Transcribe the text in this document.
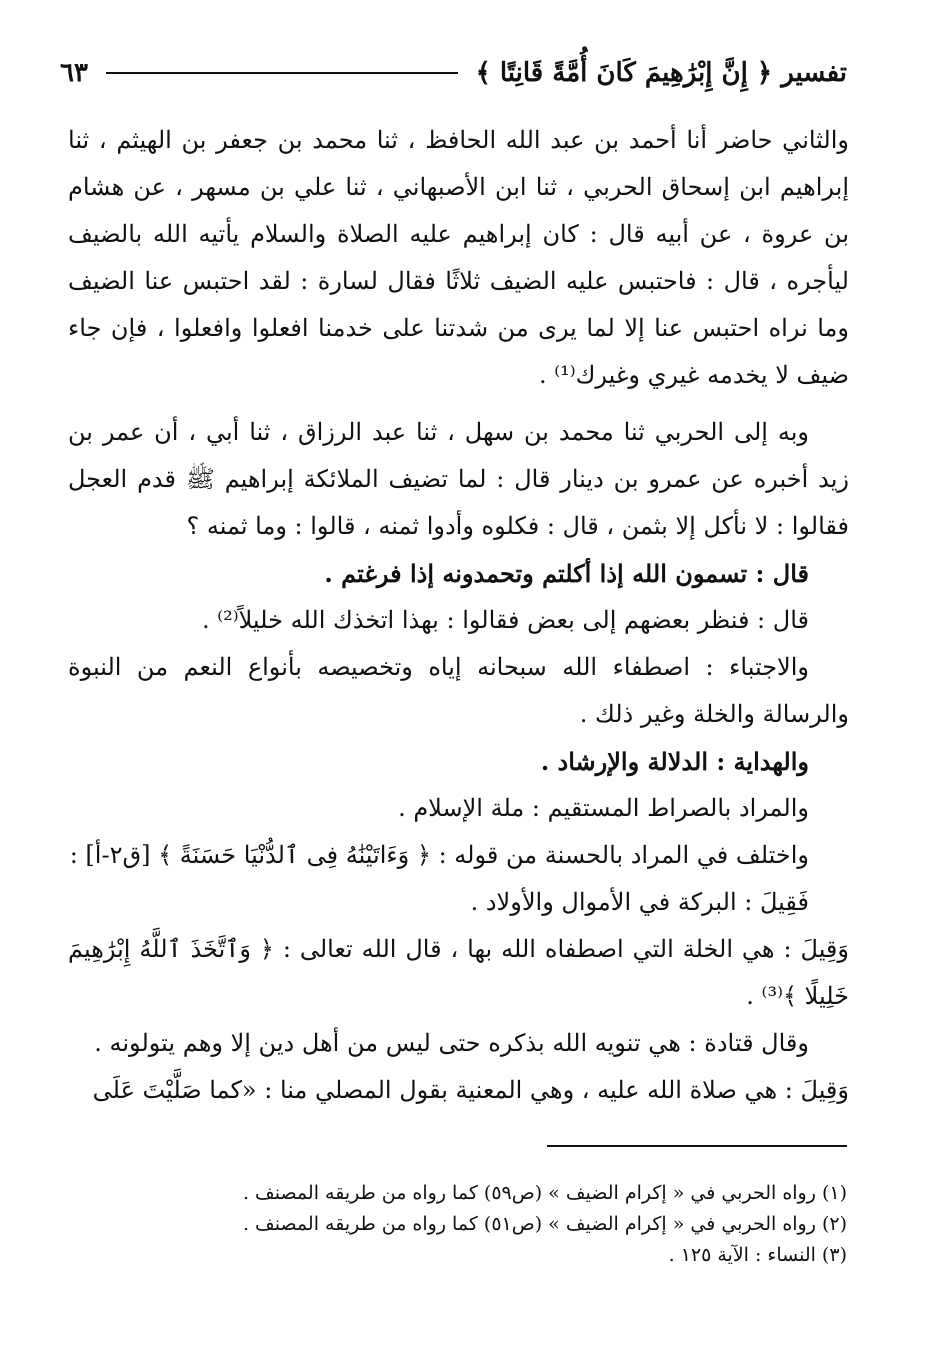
تفسير ﴿ إِنَّ إِبْرَٰهِيمَ كَانَ أُمَّةً قَانِتًا ﴾
٦٣

والثاني حاضر أنا أحمد بن عبد الله الحافظ ، ثنا محمد بن جعفر بن الهيثم ، ثنا إبراهيم ابن إسحاق الحربي ، ثنا ابن الأصبهاني ، ثنا علي بن مسهر ، عن هشام بن عروة ، عن أبيه قال : كان إبراهيم عليه الصلاة والسلام يأتيه الله بالضيف ليأجره ، قال : فاحتبس عليه الضيف ثلاثًا فقال لسارة : لقد احتبس عنا الضيف وما نراه احتبس عنا إلا لما يرى من شدتنا على خدمنا افعلوا وافعلوا ، فإن جاء ضيف لا يخدمه غيري وغيرك⁽¹⁾ .

وبه إلى الحربي ثنا محمد بن سهل ، ثنا عبد الرزاق ، ثنا أبي ، أن عمر بن زيد أخبره عن عمرو بن دينار قال : لما تضيف الملائكة إبراهيم ﷺ قدم العجل فقالوا : لا نأكل إلا بثمن ، قال : فكلوه وأدوا ثمنه ، قالوا : وما ثمنه ؟

قال : تسمون الله إذا أكلتم وتحمدونه إذا فرغتم .

قال : فنظر بعضهم إلى بعض فقالوا : بهذا اتخذك الله خليلاً⁽²⁾ .

والاجتباء : اصطفاء الله سبحانه إياه وتخصيصه بأنواع النعم من النبوة والرسالة والخلة وغير ذلك .

والهداية : الدلالة والإرشاد .

والمراد بالصراط المستقيم : ملة الإسلام .

واختلف في المراد بالحسنة من قوله : ﴿ وَءَاتَيْنَٰهُ فِى ٱلدُّنْيَا حَسَنَةً ﴾ [ق٢-أ] :

فَقِيلَ : البركة في الأموال والأولاد .

وَقِيلَ : هي الخلة التي اصطفاه الله بها ، قال الله تعالى : ﴿ وَٱتَّخَذَ ٱللَّهُ إِبْرَٰهِيمَ خَلِيلًا ﴾⁽³⁾ .

وقال قتادة : هي تنويه الله بذكره حتى ليس من أهل دين إلا وهم يتولونه .

وَقِيلَ : هي صلاة الله عليه ، وهي المعنية بقول المصلي منا : «كما صَلَّيْتَ عَلَى

(١) رواه الحربي في « إكرام الضيف » (ص٥٩) كما رواه من طريقه المصنف .
(٢) رواه الحربي في « إكرام الضيف » (ص٥١) كما رواه من طريقه المصنف .
(٣) النساء : الآية ١٢٥ .
